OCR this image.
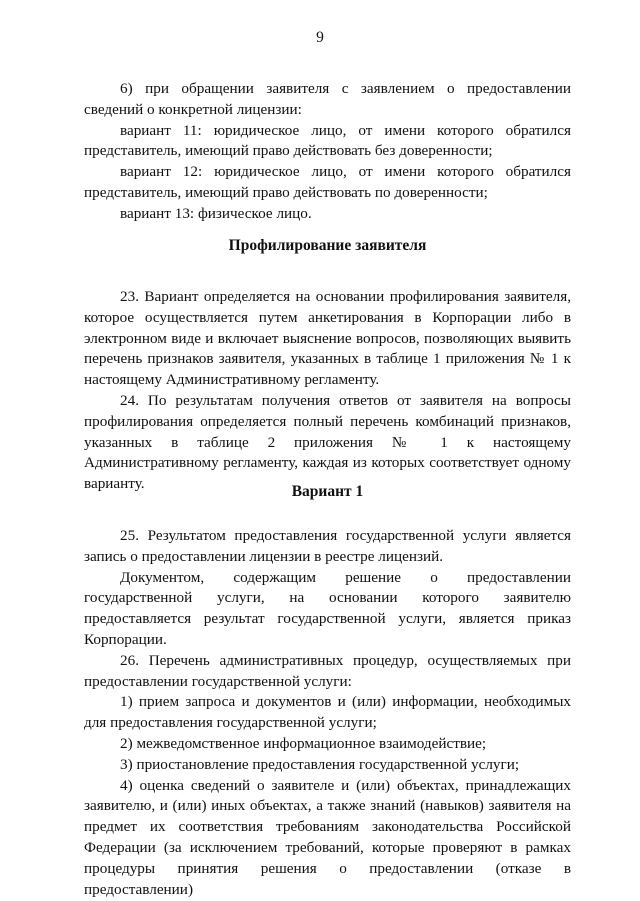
9

6) при обращении заявителя с заявлением о предоставлении сведений о конкретной лицензии:

вариант 11: юридическое лицо, от имени которого обратился представитель, имеющий право действовать без доверенности;

вариант 12: юридическое лицо, от имени которого обратился представитель, имеющий право действовать по доверенности;

вариант 13: физическое лицо.

Профилирование заявителя

23. Вариант определяется на основании профилирования заявителя, которое осуществляется путем анкетирования в Корпорации либо в электронном виде и включает выяснение вопросов, позволяющих выявить перечень признаков заявителя, указанных в таблице 1 приложения № 1 к настоящему Административному регламенту.

24. По результатам получения ответов от заявителя на вопросы профилирования определяется полный перечень комбинаций признаков, указанных в таблице 2 приложения № 1 к настоящему Административному регламенту, каждая из которых соответствует одному варианту.	Вариант 1

25. Результатом предоставления государственной услуги является запись о предоставлении лицензии в реестре лицензий.

Документом, содержащим решение о предоставлении государственной услуги, на основании которого заявителю предоставляется результат государственной услуги, является приказ Корпорации.

26. Перечень административных процедур, осуществляемых при предоставлении государственной услуги:

1) прием запроса и документов и (или) информации, необходимых для предоставления государственной услуги;

2) межведомственное информационное взаимодействие;

3) приостановление предоставления государственной услуги;

4) оценка сведений о заявителе и (или) объектах, принадлежащих заявителю, и (или) иных объектах, а также знаний (навыков) заявителя на предмет их соответствия требованиям законодательства Российской Федерации (за исключением требований, которые проверяют в рамках процедуры принятия решения о предоставлении (отказе в предоставлении)
